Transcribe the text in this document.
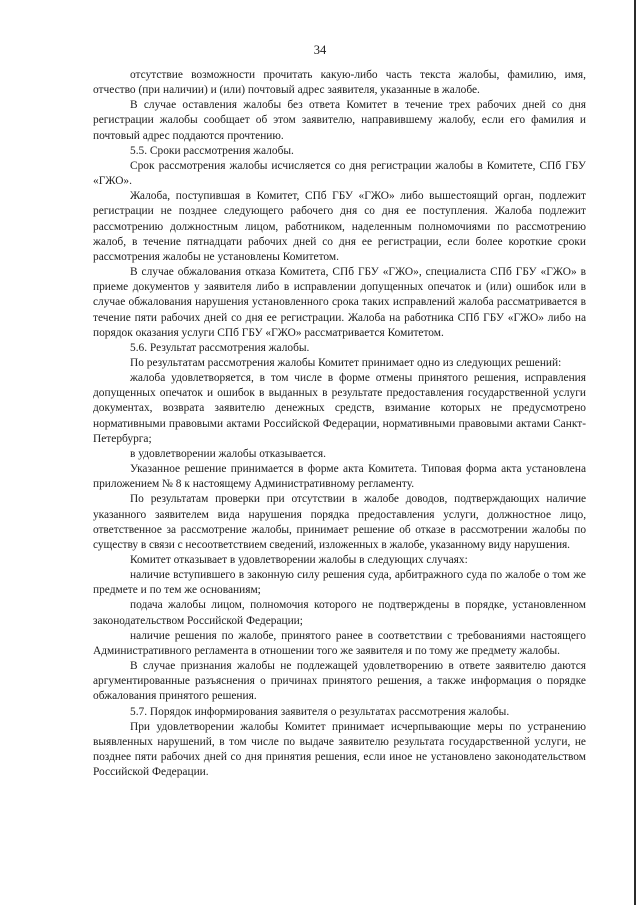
34

отсутствие возможности прочитать какую-либо часть текста жалобы, фамилию, имя, отчество (при наличии) и (или) почтовый адрес заявителя, указанные в жалобе.

В случае оставления жалобы без ответа Комитет в течение трех рабочих дней со дня регистрации жалобы сообщает об этом заявителю, направившему жалобу, если его фамилия и почтовый адрес поддаются прочтению.

5.5. Сроки рассмотрения жалобы.

Срок рассмотрения жалобы исчисляется со дня регистрации жалобы в Комитете, СПб ГБУ «ГЖО».

Жалоба, поступившая в Комитет, СПб ГБУ «ГЖО» либо вышестоящий орган, подлежит регистрации не позднее следующего рабочего дня со дня ее поступления. Жалоба подлежит рассмотрению должностным лицом, работником, наделенным полномочиями по рассмотрению жалоб, в течение пятнадцати рабочих дней со дня ее регистрации, если более короткие сроки рассмотрения жалобы не установлены Комитетом.

В случае обжалования отказа Комитета, СПб ГБУ «ГЖО», специалиста СПб ГБУ «ГЖО» в приеме документов у заявителя либо в исправлении допущенных опечаток и (или) ошибок или в случае обжалования нарушения установленного срока таких исправлений жалоба рассматривается в течение пяти рабочих дней со дня ее регистрации. Жалоба на работника СПб ГБУ «ГЖО» либо на порядок оказания услуги СПб ГБУ «ГЖО» рассматривается Комитетом.

5.6. Результат рассмотрения жалобы.

По результатам рассмотрения жалобы Комитет принимает одно из следующих решений:

жалоба удовлетворяется, в том числе в форме отмены принятого решения, исправления допущенных опечаток и ошибок в выданных в результате предоставления государственной услуги документах, возврата заявителю денежных средств, взимание которых не предусмотрено нормативными правовыми актами Российской Федерации, нормативными правовыми актами Санкт-Петербурга;

в удовлетворении жалобы отказывается.

Указанное решение принимается в форме акта Комитета. Типовая форма акта установлена приложением № 8 к настоящему Административному регламенту.

По результатам проверки при отсутствии в жалобе доводов, подтверждающих наличие указанного заявителем вида нарушения порядка предоставления услуги, должностное лицо, ответственное за рассмотрение жалобы, принимает решение об отказе в рассмотрении жалобы по существу в связи с несоответствием сведений, изложенных в жалобе, указанному виду нарушения.

Комитет отказывает в удовлетворении жалобы в следующих случаях:

наличие вступившего в законную силу решения суда, арбитражного суда по жалобе о том же предмете и по тем же основаниям;

подача жалобы лицом, полномочия которого не подтверждены в порядке, установленном законодательством Российской Федерации;

наличие решения по жалобе, принятого ранее в соответствии с требованиями настоящего Административного регламента в отношении того же заявителя и по тому же предмету жалобы.

В случае признания жалобы не подлежащей удовлетворению в ответе заявителю даются аргументированные разъяснения о причинах принятого решения, а также информация о порядке обжалования принятого решения.

5.7. Порядок информирования заявителя о результатах рассмотрения жалобы.

При удовлетворении жалобы Комитет принимает исчерпывающие меры по устранению выявленных нарушений, в том числе по выдаче заявителю результата государственной услуги, не позднее пяти рабочих дней со дня принятия решения, если иное не установлено законодательством Российской Федерации.
